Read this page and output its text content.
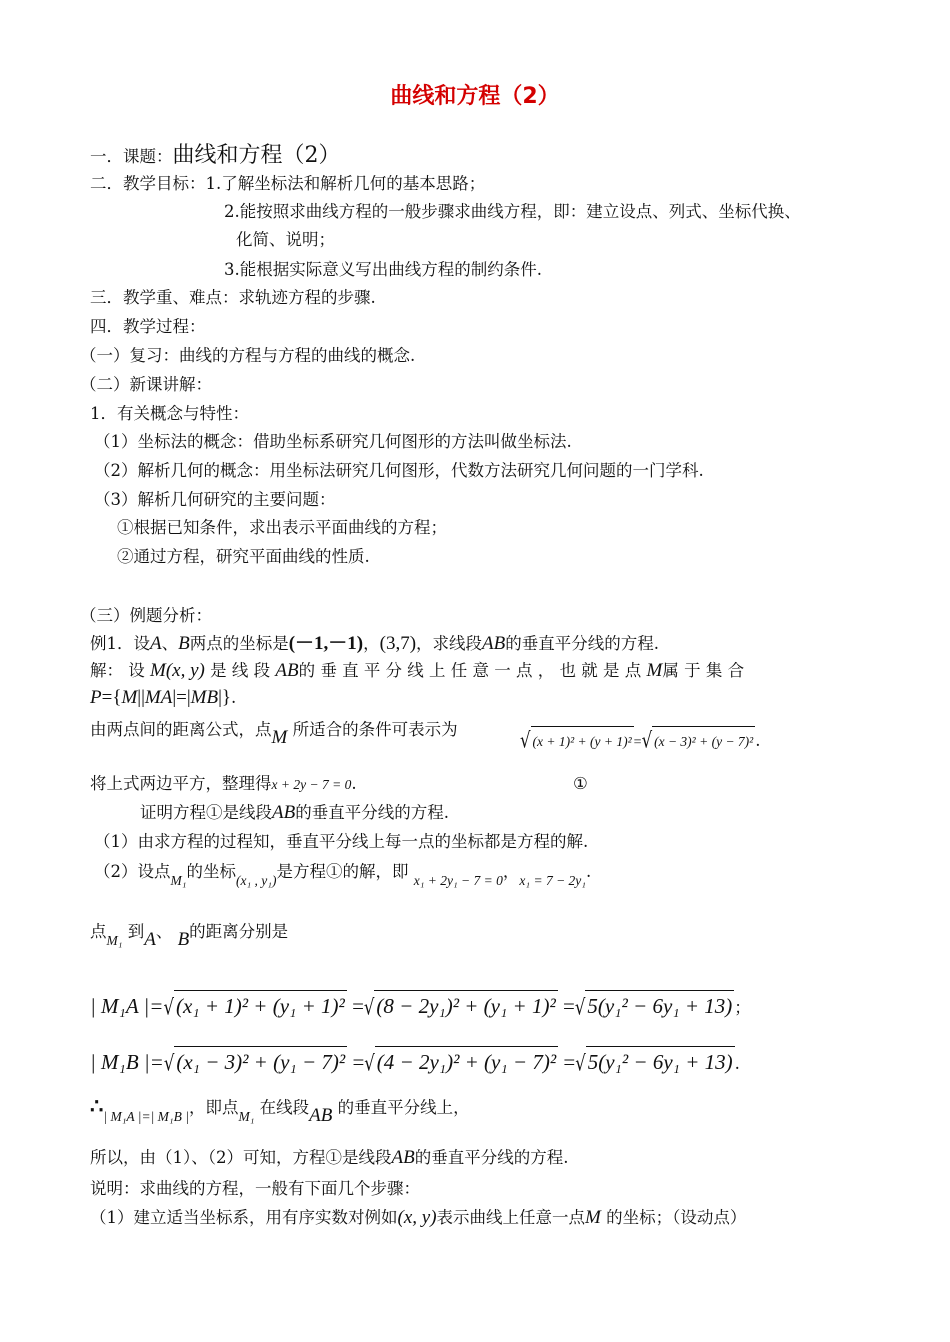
曲线和方程（2）
一．课题：曲线和方程（2）
二．教学目标：1.了解坐标法和解析几何的基本思路；
2.能按照求曲线方程的一般步骤求曲线方程，即：建立设点、列式、坐标代换、
化简、说明；
3.能根据实际意义写出曲线方程的制约条件.
三．教学重、难点：求轨迹方程的步骤.
四．教学过程：
（一）复习：曲线的方程与方程的曲线的概念.
（二）新课讲解：
1．有关概念与特性：
（1）坐标法的概念：借助坐标系研究几何图形的方法叫做坐标法.
（2）解析几何的概念：用坐标法研究几何图形，代数方法研究几何问题的一门学科.
（3）解析几何研究的主要问题：
①根据已知条件，求出表示平面曲线的方程；
②通过方程，研究平面曲线的性质.
（三）例题分析：
例1．设A、B两点的坐标是(－1,－1)，(3,7)，求线段AB的垂直平分线的方程.
解： 设 M(x, y) 是 线 段 AB的 垂 直 平 分 线 上 任 意 一 点 ， 也 就 是 点 M属 于 集 合
P={M||MA|=|MB|}.
由两点间的距离公式，点M 所适合的条件可表示为	√ (x + 1)² + (y + 1)² =√ (x − 3)² + (y − 7)² .
将上式两边平方，整理得x + 2y − 7 = 0.	①
证明方程①是线段AB的垂直平分线的方程.
（1）由求方程的过程知，垂直平分线上每一点的坐标都是方程的解.
（2）设点$_{M_1}$的坐标$_{(x_1 , y_1)}$是方程①的解，即 $_{x_1 + 2y_1 - 7 = 0}$，$_{x_1 = 7 - 2y_1}$.
点$_{M_1}$ 到A、 B的距离分别是
| M₁A |=√(x₁ + 1)² + (y₁ + 1)² =√(8 − 2y₁)² + (y₁ + 1)² =√5(y₁² − 6y₁ + 13) ；
| M₁B |=√(x₁ − 3)² + (y₁ − 7)² =√(4 − 2y₁)² + (y₁ − 7)² =√5(y₁² − 6y₁ + 13) .
$\therefore_{| M_1A |=| M_1B |}$，即点$_{M_1}$ 在线段AB 的垂直平分线上，
所以，由（1）、（2）可知，方程①是线段AB的垂直平分线的方程.
说明：求曲线的方程，一般有下面几个步骤：
（1）建立适当坐标系，用有序实数对例如(x, y)表示曲线上任意一点M 的坐标；（设动点）
